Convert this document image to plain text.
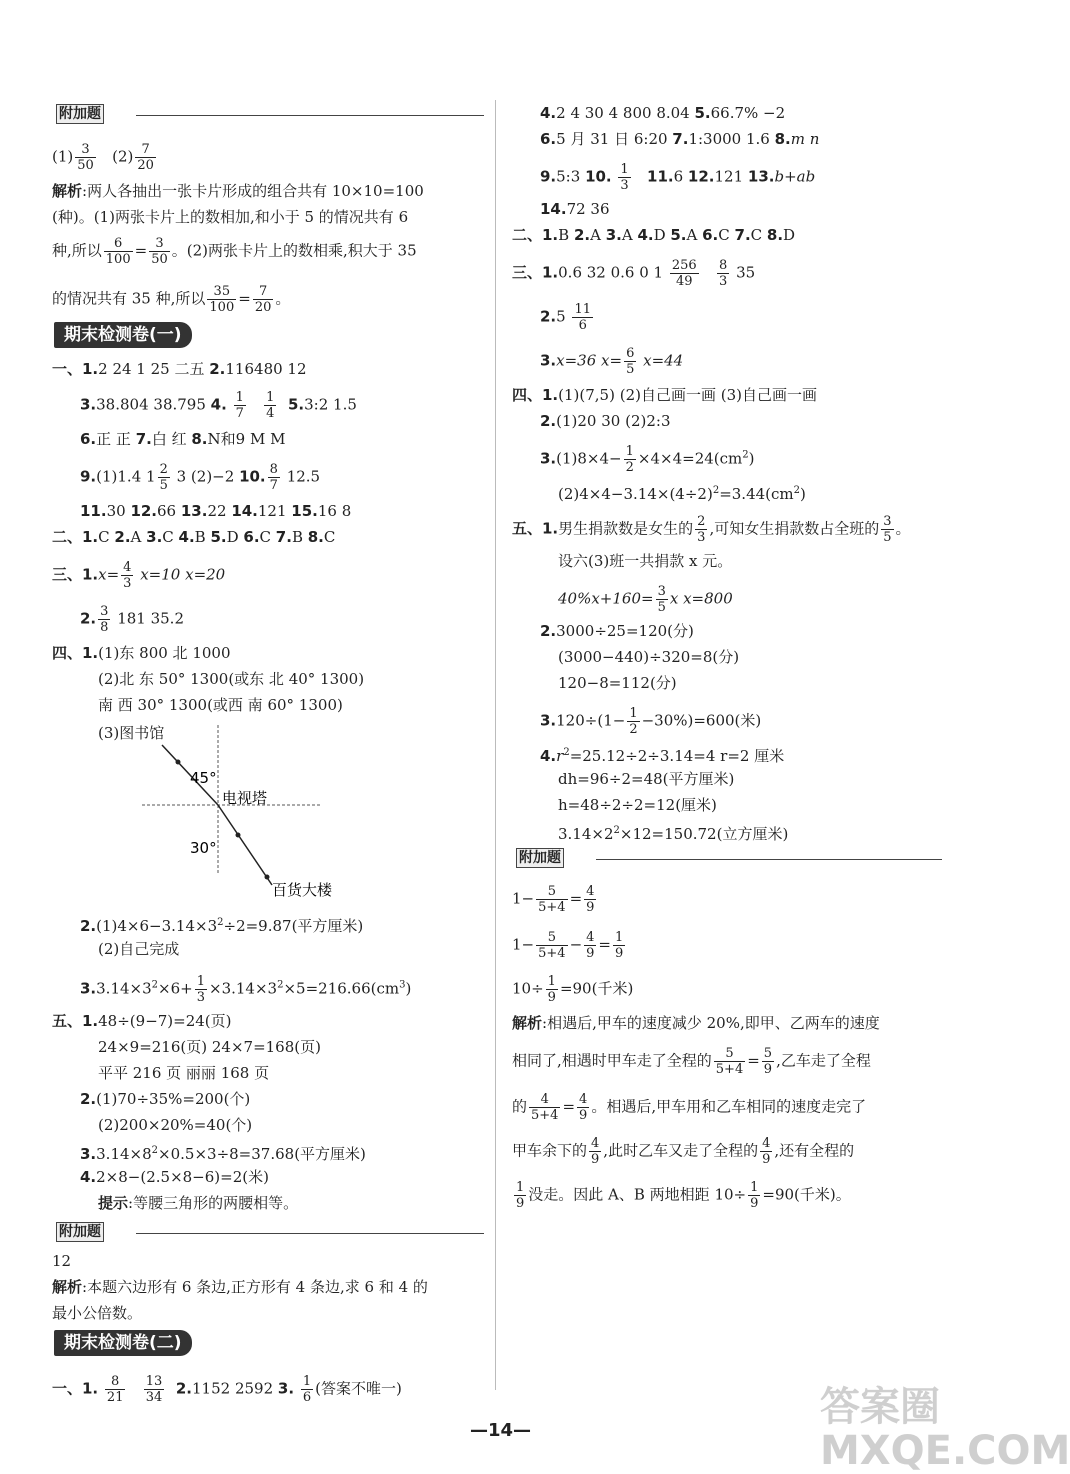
附加题
$(1) \frac{3}{50} (2) \frac{7}{20}$
解析:两人各抽出一张卡片形成的组合共有 10×10=100
(种)。(1)两张卡片上的数相加,和小于 5 的情况共有 6
种,所以 $\frac{6}{100} = \frac{3}{50}$ 。(2)两张卡片上的数相乘,积大于 35
的情况共有 35 种,所以 $\frac{35}{100} = \frac{7}{20}$ 。
期末检测卷(一)
一、1.2 24 1 25 二五 2.116480 12
3.38.804 38.795 4. $\frac{1}{7}$
$\frac{1}{4}$ 5.3:2 1.5
6.正 正 7.白 红 8.N和9 M M
9.(1)1.4 $1 \frac{2}{5} 3$ (2)−2 10. $\frac{8}{7} 12.5$
11.30 12.66 13.22 14.121 15.16 8
二、1.C 2.A 3.C 4.B 5.D 6.C 7.B 8.C
三、$1.x= \frac{4}{3} x=10$ x=20
2. $\frac{3}{8} 181$ 35.2
四、1.(1)东 800 北 1000
(2)北 东 50° 1300(或东 北 40° 1300)
南 西 30° 1300(或西 南 60° 1300)
(3)图书馆
45°
电视塔
30°
百货大楼
$2.(1)4\times 6-3.14\times 3^2\div 2=9.87$(平方厘米)
(2)自己完成
$3.3.14\times 3^2\times 6+ \frac{1}{3} \times 3.14\times 3^2\times 5=216.66(cm^3)$
五、1.48÷(9−7)=24(页)
24×9=216(页) 24×7=168(页)
平平 216 页 丽丽 168 页
2.(1)70÷35%=200(个)
(2)200×20%=40(个)
$3.3.14\times 8^2\times 0.5\times 3\div 8=37.68$(平方厘米)
4.2×8−(2.5×8−6)=2(米)
提示:等腰三角形的两腰相等。
附加题
12
解析:本题六边形有 6 条边,正方形有 4 条边,求 6 和 4 的
最小公倍数。
期末检测卷(二)
一、1. $\frac{8}{21}$
$\frac{13}{34} 2.1152$ 2592 3. $\frac{1}{6}$ (答案不唯一)
4.2 4 30 4 800 8.04 5.66.7% −2
6.5 月 31 日 6:20 7.1:3000 1.6 8.m n
9.5:3 10. $\frac{1}{3} 11.6$ 12.121 13.b+ab
14.72 36
二、1.B 2.A 3.A 4.D 5.A 6.C 7.C 8.D
三、1.0.6 32 0.6 0 $1 \frac{256}{49}$
$\frac{8}{3} 35$
$2.5 \frac{11}{6}$
3.x=36 $x= \frac{6}{5} x=44$
四、1.(1)(7,5) (2)自己画一画 (3)自己画一画
2.(1)20 30 (2)2:3
$3.(1)8\times 4- \frac{1}{2} \times 4\times 4=24(cm^2)$
$(2)4\times 4-3.14\times(4\div 2)^2=3.44(cm^2)$
五、1.男生捐款数是女生的 $\frac{2}{3}$ ,可知女生捐款数占全班的 $\frac{3}{5}$ 。
设六(3)班一共捐款 x 元。
$40\%x+160= \frac{3}{5}$ x x=800
2.3000÷25=120(分)
(3000−440)÷320=8(分)
120−8=112(分)
$3.120\div(1- \frac{1}{2} -30\%)=600$(米)
$4.r^2=25.12\div 2\div 3.14=4$ r=2 厘米
dh=96÷2=48(平方厘米)
h=48÷2÷2=12(厘米)
$3.14\times 2^2\times 12=150.72$(立方厘米)
附加题
$1- \frac{5}{5+4} = \frac{4}{9}$
$1- \frac{5}{5+4} - \frac{4}{9} = \frac{1}{9}$
$10\div \frac{1}{9} =90$(千米)
解析:相遇后,甲车的速度减少 20%,即甲、乙两车的速度
相同了,相遇时甲车走了全程的 $\frac{5}{5+4} = \frac{5}{9}$ ,乙车走了全程
的 $\frac{4}{5+4} = \frac{4}{9}$ 。相遇后,甲车用和乙车相同的速度走完了
甲车余下的 $\frac{4}{9}$ ,此时乙车又走了全程的 $\frac{4}{9}$ ,还有全程的
$\frac{1}{9}$ 没走。因此 A、B 两地相距 $10\div \frac{1}{9} =90$(千米)。
—14—
答案圈 MXQE.COM
